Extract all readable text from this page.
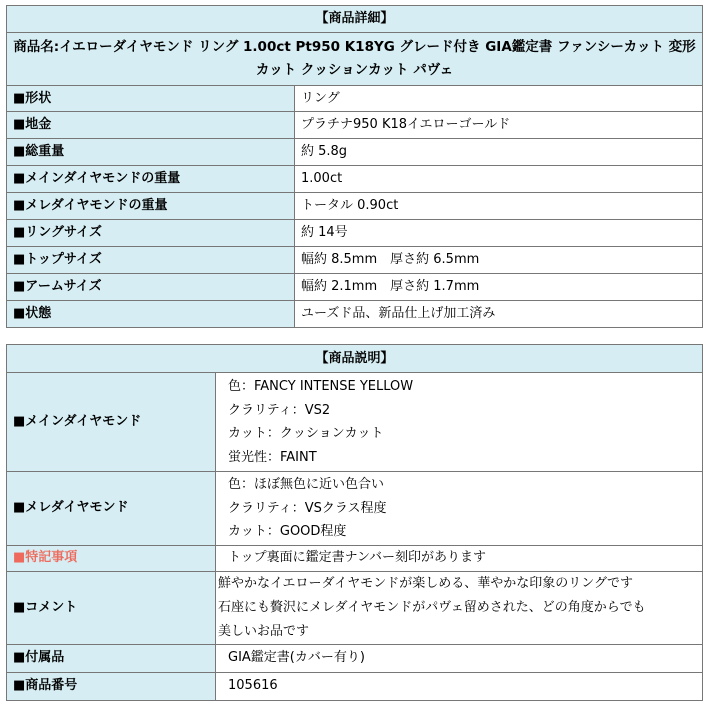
【商品詳細】	
商品名:イエローダイヤモンド リング 1.00ct Pt950 K18YG グレード付き GIA鑑定書 ファンシーカット 変形カット クッションカット パヴェ	
■形状	リング
■地金	プラチナ950 K18イエローゴールド
■総重量	約 5.8g
■メインダイヤモンドの重量	1.00ct
■メレダイヤモンドの重量	トータル 0.90ct
■リングサイズ	約 14号
■トップサイズ	幅約 8.5mm　厚さ約 6.5mm
■アームサイズ	幅約 2.1mm　厚さ約 1.7mm
■状態	ユーズド品、新品仕上げ加工済み
【商品説明】	
■メインダイヤモンド	色：FANCY INTENSE YELLOW
クラリティ：VS2
カット：クッションカット
蛍光性：FAINT

■メレダイヤモンド	色：ほぼ無色に近い色合い
クラリティ：VSクラス程度
カット：GOOD程度

■特記事項	トップ裏面に鑑定書ナンバー刻印があります
■コメント	鮮やかなイエローダイヤモンドが楽しめる、華やかな印象のリングです
石座にも贅沢にメレダイヤモンドがパヴェ留めされた、どの角度からでも
美しいお品です

■付属品	GIA鑑定書(カバー有り)
■商品番号	105616
